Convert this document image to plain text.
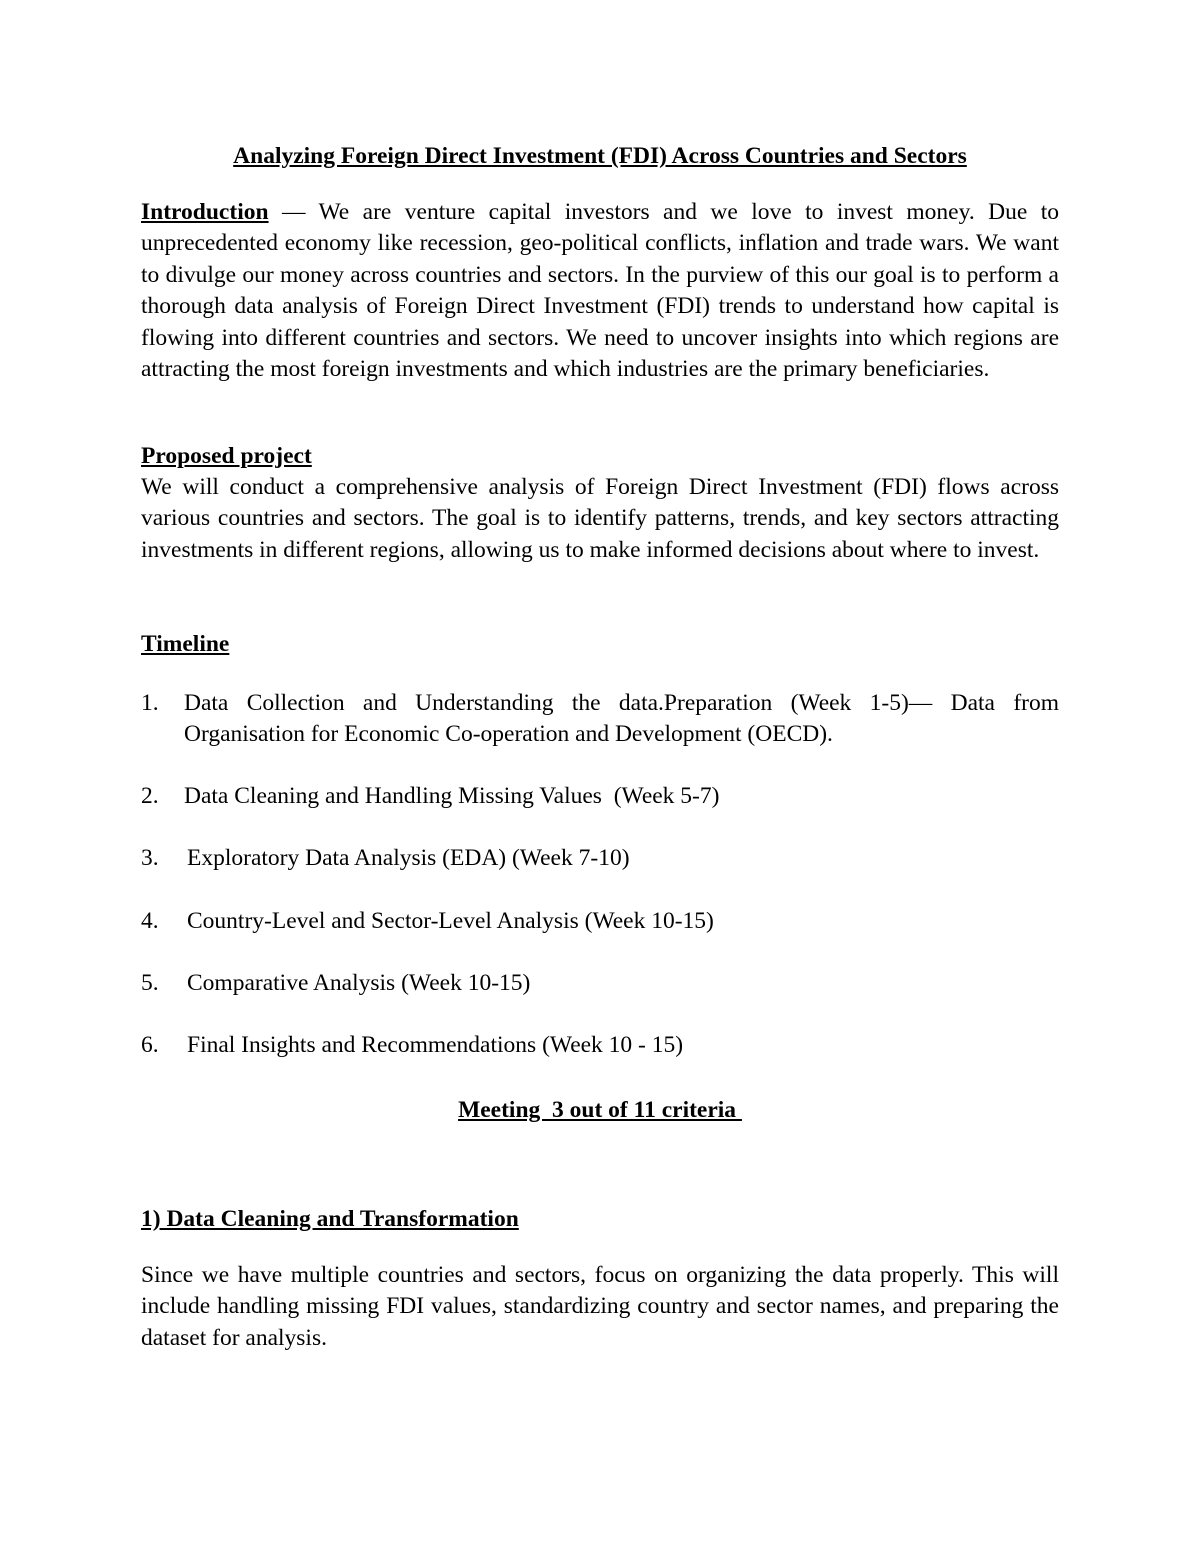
Analyzing Foreign Direct Investment (FDI) Across Countries and Sectors
Introduction — We are venture capital investors and we love to invest money. Due to unprecedented economy like recession, geo-political conflicts, inflation and trade wars. We want to divulge our money across countries and sectors. In the purview of this our goal is to perform a thorough data analysis of Foreign Direct Investment (FDI) trends to understand how capital is flowing into different countries and sectors. We need to uncover insights into which regions are attracting the most foreign investments and which industries are the primary beneficiaries.
Proposed project
We will conduct a comprehensive analysis of Foreign Direct Investment (FDI) flows across various countries and sectors. The goal is to identify patterns, trends, and key sectors attracting investments in different regions, allowing us to make informed decisions about where to invest.
Timeline
1. Data Collection and Understanding the data.Preparation (Week 1-5)— Data from Organisation for Economic Co-operation and Development (OECD).
2. Data Cleaning and Handling Missing Values  (Week 5-7)
3. Exploratory Data Analysis (EDA) (Week 7-10)
4. Country-Level and Sector-Level Analysis (Week 10-15)
5. Comparative Analysis (Week 10-15)
6. Final Insights and Recommendations (Week 10 - 15)
Meeting  3 out of 11 criteria
1) Data Cleaning and Transformation
Since we have multiple countries and sectors, focus on organizing the data properly. This will include handling missing FDI values, standardizing country and sector names, and preparing the dataset for analysis.
